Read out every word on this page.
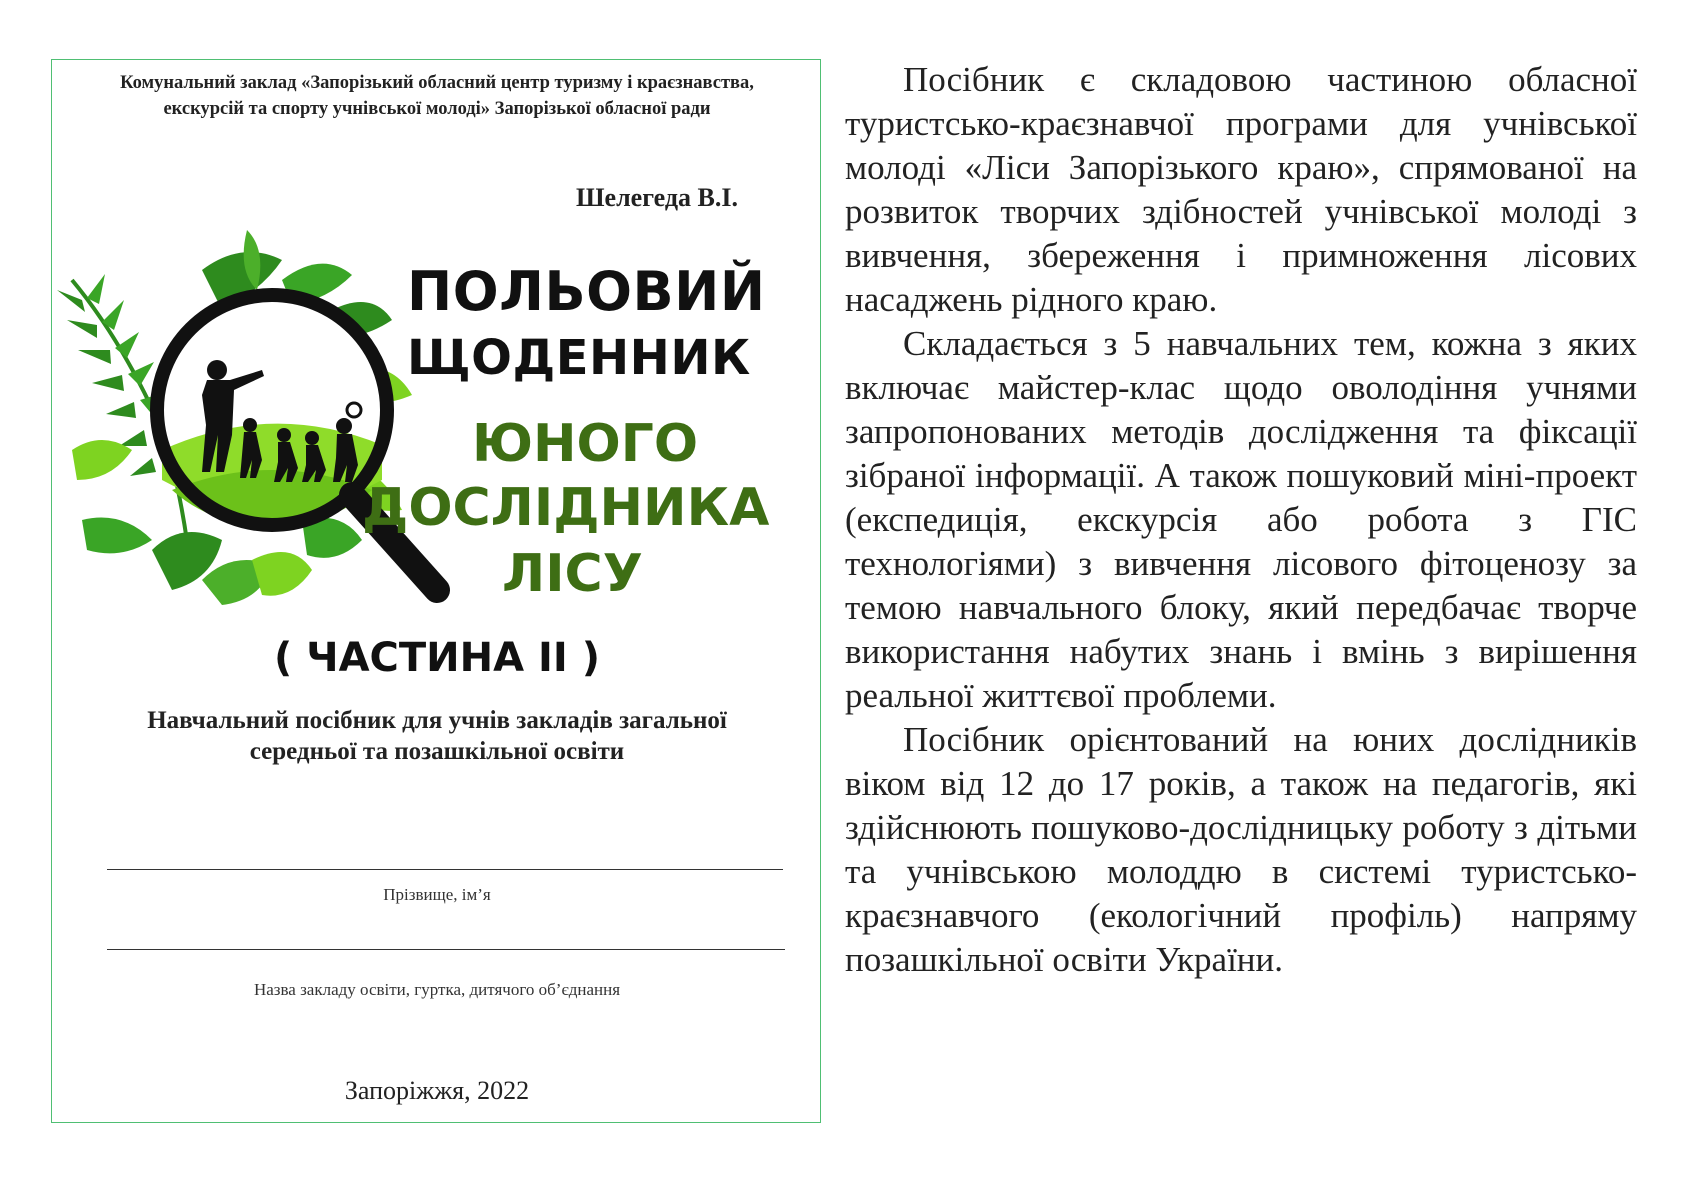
Комунальний заклад «Запорізький обласний центр туризму і краєзнавства, екскурсій та спорту учнівської молоді» Запорізької обласної ради
Шелегеда В.І.
ПОЛЬОВИЙ
ЩОДЕННИК
ЮНОГО
ДОСЛІДНИКА
ЛІСУ
( ЧАСТИНА II )
Навчальний посібник для учнів закладів загальної середньої та позашкільної освіти
Прізвище, ім’я
Назва закладу освіти, гуртка, дитячого об’єднання
Запоріжжя, 2022

Посібник є складовою частиною обласної туристсько-краєзнавчої програми для учнівської молоді «Ліси Запорізького краю», спрямованої на розвиток творчих здібностей учнівської молоді з вивчення, збереження і примноження лісових насаджень рідного краю.

Складається з 5 навчальних тем, кожна з яких включає майстер-клас щодо оволодіння учнями запропонованих методів дослідження та фіксації зібраної інформації. А також пошуковий міні-проект (експедиція, екскурсія або робота з ГІС технологіями) з вивчення лісового фітоценозу за темою навчального блоку, який передбачає творче використання набутих знань і вмінь з вирішення реальної життєвої проблеми.

Посібник орієнтований на юних дослідників віком від 12 до 17 років, а також на педагогів, які здійснюють пошуково-дослідницьку роботу з дітьми та учнівською молоддю в системі туристсько-краєзнавчого (екологічний профіль) напряму позашкільної освіти України.
